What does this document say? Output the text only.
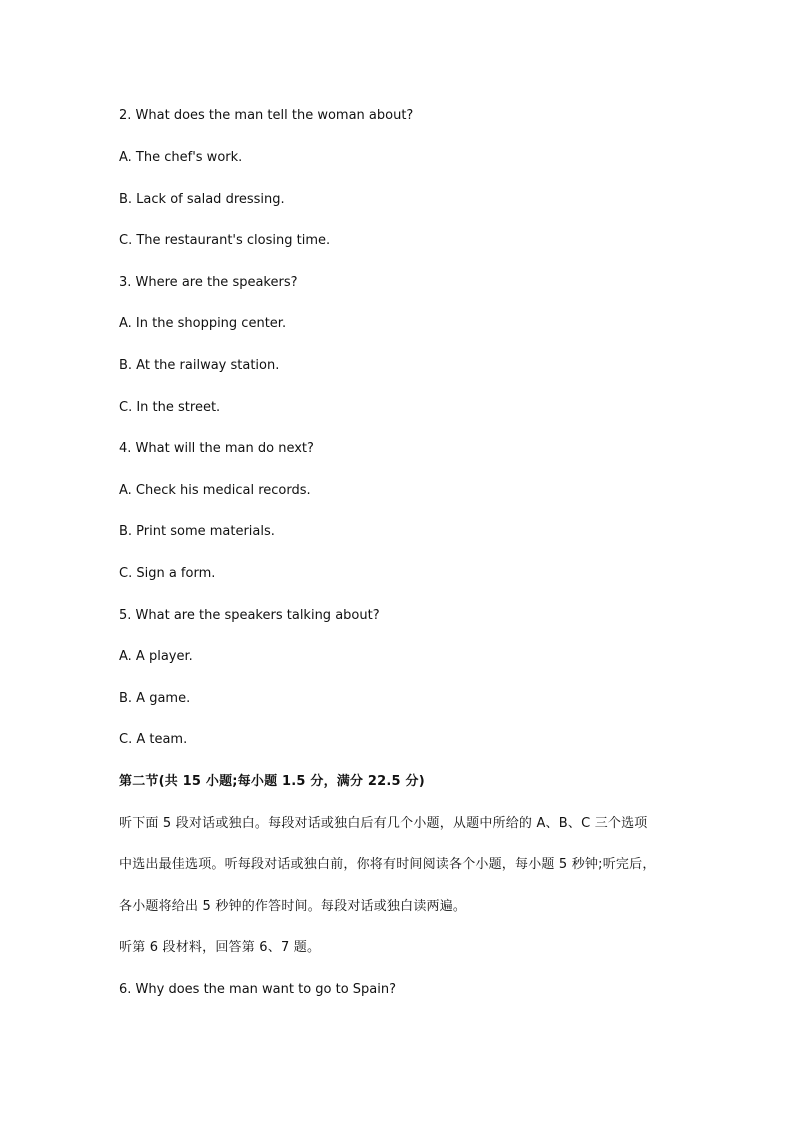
2. What does the man tell the woman about?
A. The chef's work.
B. Lack of salad dressing.
C. The restaurant's closing time.
3. Where are the speakers?
A. In the shopping center.
B. At the railway station.
C. In the street.
4. What will the man do next?
A. Check his medical records.
B. Print some materials.
C. Sign a form.
5. What are the speakers talking about?
A. A player.
B. A game.
C. A team.
第二节(共 15 小题;每小题 1.5 分，满分 22.5 分)
听下面 5 段对话或独白。每段对话或独白后有几个小题，从题中所给的 A、B、C 三个选项
中选出最佳选项。听每段对话或独白前，你将有时间阅读各个小题，每小题 5 秒钟;听完后，
各小题将给出 5 秒钟的作答时间。每段对话或独白读两遍。
听第 6 段材料，回答第 6、7 题。
6. Why does the man want to go to Spain?
